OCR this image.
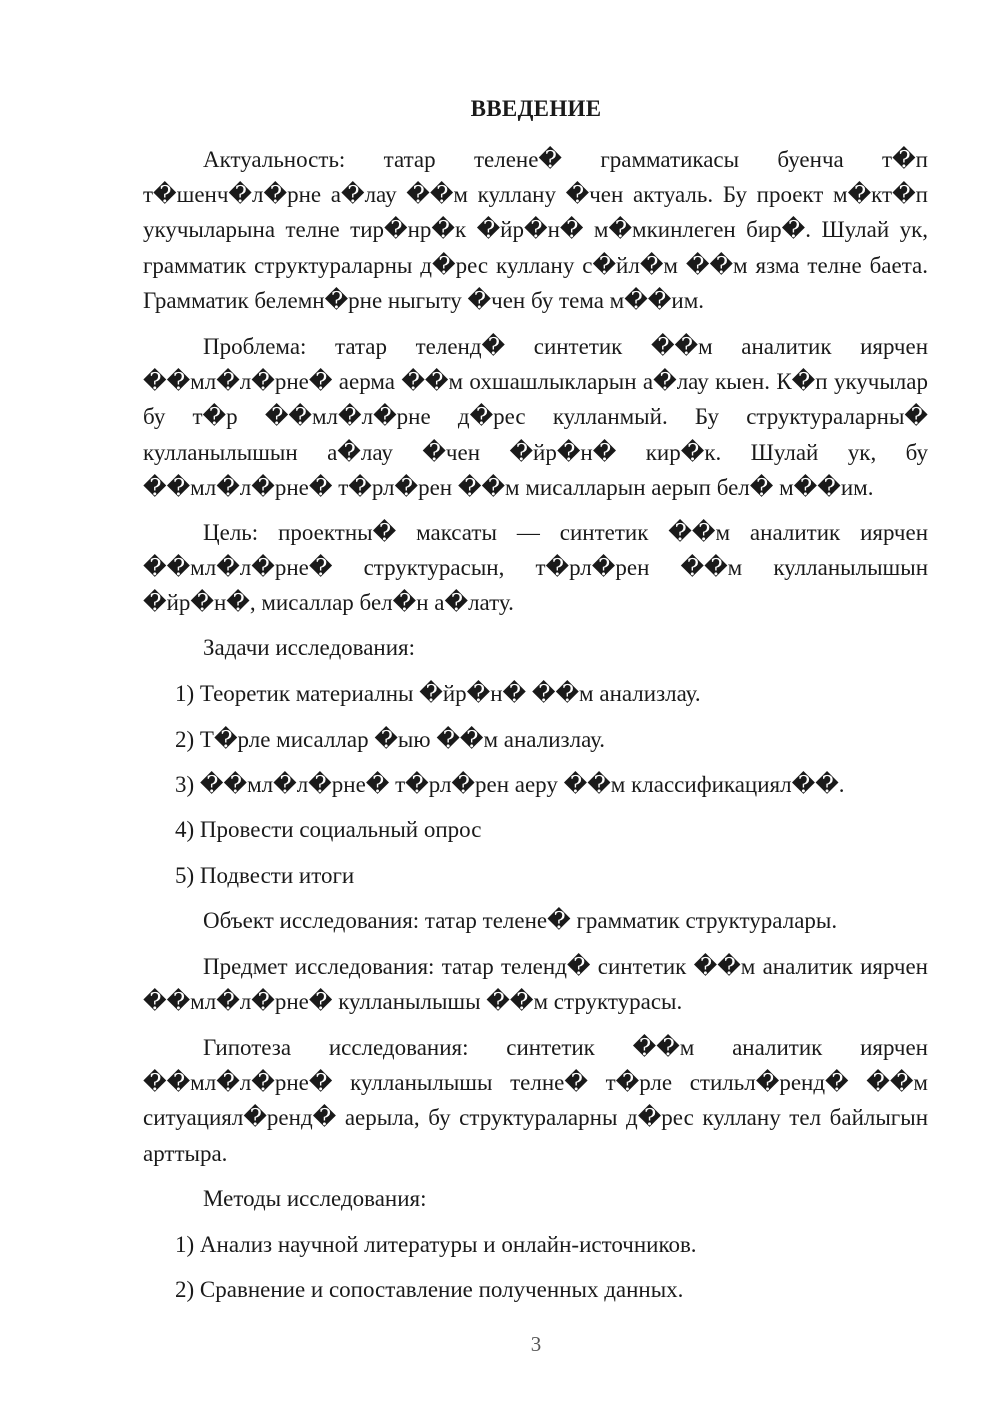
ВВЕДЕНИЕ

Актуальность: татар телене� грамматикасы буенча т�п т�шенч�л�рне а�лау ��м куллану �чен актуаль. Бу проект м�кт�п укучыларына телне тир�нр�к �йр�н� м�мкинлеген бир�. Шулай ук, грамматик структураларны д�рес куллану с�йл�м ��м язма телне баета. Грамматик белемн�рне ныгыту �чен бу тема м��им.

Проблема: татар теленд� синтетик ��м аналитик иярчен ��мл�л�рне� аерма ��м охшашлыкларын а�лау кыен. К�п укучылар бу т�р ��мл�л�рне д�рес кулланмый. Бу структураларны� кулланылышын а�лау �чен �йр�н� кир�к. Шулай ук, бу ��мл�л�рне� т�рл�рен ��м мисалларын аерып бел� м��им.

Цель: проектны� максаты — синтетик ��м аналитик иярчен ��мл�л�рне� структурасын, т�рл�рен ��м кулланылышын �йр�н�, мисаллар бел�н а�лату.

Задачи исследования:

1) Теоретик материалны �йр�н� ��м анализлау.

2) Т�рле мисаллар �ыю ��м анализлау.

3) ��мл�л�рне� т�рл�рен аеру ��м классификациял��.

4) Провести социальный опрос

5) Подвести итоги

Объект исследования: татар телене� грамматик структуралары.

Предмет исследования: татар теленд� синтетик ��м аналитик иярчен ��мл�л�рне� кулланылышы ��м структурасы.

Гипотеза исследования: синтетик ��м аналитик иярчен ��мл�л�рне� кулланылышы телне� т�рле стильл�ренд� ��м ситуациял�ренд� аерыла, бу структураларны д�рес куллану тел байлыгын арттыра.

Методы исследования:

1) Анализ научной литературы и онлайн-источников.

2) Сравнение и сопоставление полученных данных.

3
